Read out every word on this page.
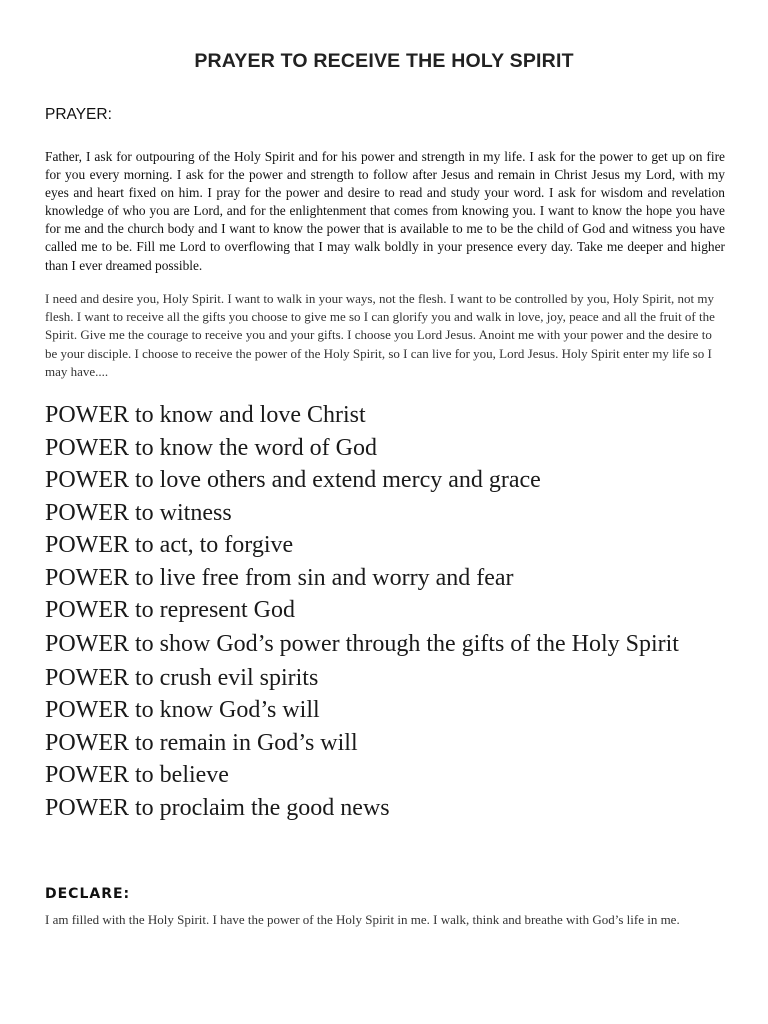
PRAYER TO RECEIVE THE HOLY SPIRIT
PRAYER:

Father, I ask for outpouring of the Holy Spirit and for his power and strength in my life. I ask for the power to get up on fire for you every morning. I ask for the power and strength to follow after Jesus and remain in Christ Jesus my Lord, with my eyes and heart fixed on him. I pray for the power and desire to read and study your word. I ask for wisdom and revelation knowledge of who you are Lord, and for the enlightenment that comes from knowing you. I want to know the hope you have for me and the church body and I want to know the power that is available to me to be the child of God and witness you have called me to be. Fill me Lord to overflowing that I may walk boldly in your presence every day. Take me deeper and higher than I ever dreamed possible.

I need and desire you, Holy Spirit. I want to walk in your ways, not the flesh. I want to be controlled by you, Holy Spirit, not my flesh. I want to receive all the gifts you choose to give me so I can glorify you and walk in love, joy, peace and all the fruit of the Spirit. Give me the courage to receive you and your gifts. I choose you Lord Jesus. Anoint me with your power and the desire to be your disciple. I choose to receive the power of the Holy Spirit, so I can live for you, Lord Jesus. Holy Spirit enter my life so I may have....

POWER to know and love Christ
POWER to know the word of God
POWER to love others and extend mercy and grace
POWER to witness
POWER to act, to forgive
POWER to live free from sin and worry and fear
POWER to represent God
POWER to show God’s power through the gifts of the Holy Spirit
POWER to crush evil spirits
POWER to know God’s will
POWER to remain in God’s will
POWER to believe
POWER to proclaim the good news
DECLARE:

I am filled with the Holy Spirit. I have the power of the Holy Spirit in me. I walk, think and breathe with God’s life in me.
